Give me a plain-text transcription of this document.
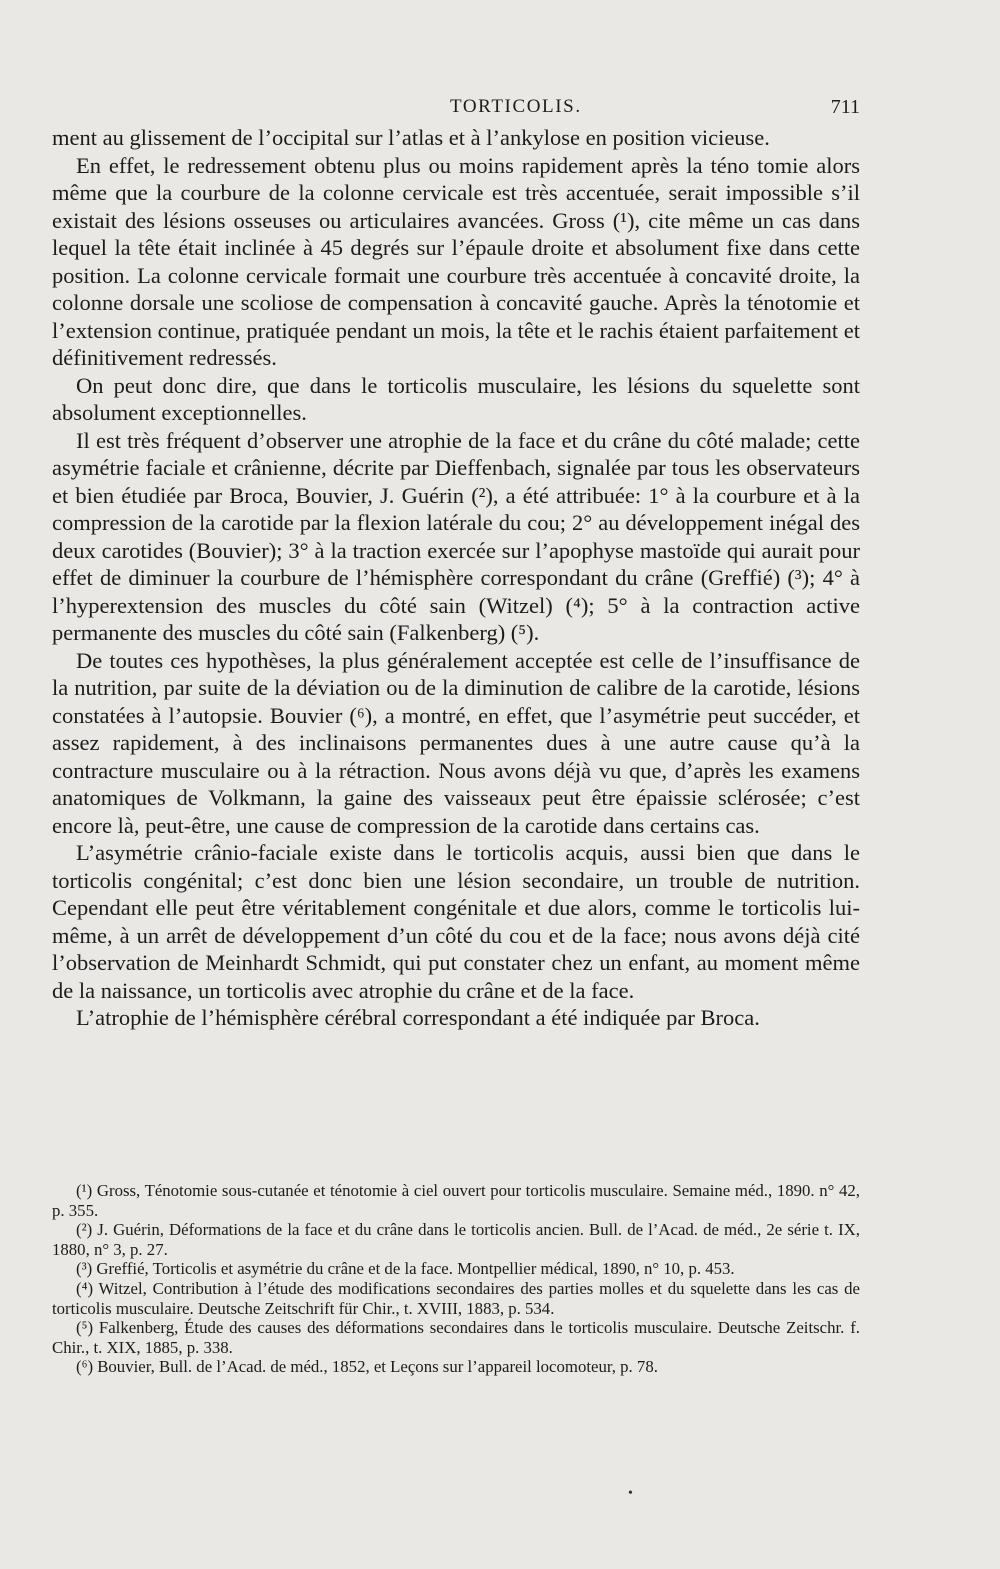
TORTICOLIS.	711

ment au glissement de l’occipital sur l’atlas et à l’ankylose en position vicieuse.

En effet, le redressement obtenu plus ou moins rapidement après la téno tomie alors même que la courbure de la colonne cervicale est très accentuée, serait impossible s’il existait des lésions osseuses ou articulaires avancées. Gross (¹), cite même un cas dans lequel la tête était inclinée à 45 degrés sur l’épaule droite et absolument fixe dans cette position. La colonne cervicale formait une courbure très accentuée à concavité droite, la colonne dorsale une scoliose de compensation à concavité gauche. Après la ténotomie et l’extension continue, pratiquée pendant un mois, la tête et le rachis étaient parfaitement et définitivement redressés.

On peut donc dire, que dans le torticolis musculaire, les lésions du squelette sont absolument exceptionnelles.

Il est très fréquent d’observer une atrophie de la face et du crâne du côté malade; cette asymétrie faciale et crânienne, décrite par Dieffenbach, signalée par tous les observateurs et bien étudiée par Broca, Bouvier, J. Guérin (²), a été attribuée: 1° à la courbure et à la compression de la carotide par la flexion latérale du cou; 2° au développement inégal des deux carotides (Bouvier); 3° à la traction exercée sur l’apophyse mastoïde qui aurait pour effet de diminuer la courbure de l’hémisphère correspondant du crâne (Greffié) (³); 4° à l’hyperextension des muscles du côté sain (Witzel) (⁴); 5° à la contraction active permanente des muscles du côté sain (Falkenberg) (⁵).

De toutes ces hypothèses, la plus généralement acceptée est celle de l’insuffisance de la nutrition, par suite de la déviation ou de la diminution de calibre de la carotide, lésions constatées à l’autopsie. Bouvier (⁶), a montré, en effet, que l’asymétrie peut succéder, et assez rapidement, à des inclinaisons permanentes dues à une autre cause qu’à la contracture musculaire ou à la rétraction. Nous avons déjà vu que, d’après les examens anatomiques de Volkmann, la gaine des vaisseaux peut être épaissie sclérosée; c’est encore là, peut-être, une cause de compression de la carotide dans certains cas.

L’asymétrie crânio-faciale existe dans le torticolis acquis, aussi bien que dans le torticolis congénital; c’est donc bien une lésion secondaire, un trouble de nutrition. Cependant elle peut être véritablement congénitale et due alors, comme le torticolis lui-même, à un arrêt de développement d’un côté du cou et de la face; nous avons déjà cité l’observation de Meinhardt Schmidt, qui put constater chez un enfant, au moment même de la naissance, un torticolis avec atrophie du crâne et de la face.

L’atrophie de l’hémisphère cérébral correspondant a été indiquée par Broca.

(¹) Gross, Ténotomie sous-cutanée et ténotomie à ciel ouvert pour torticolis musculaire. Semaine méd., 1890. n° 42, p. 355.

(²) J. Guérin, Déformations de la face et du crâne dans le torticolis ancien. Bull. de l’Acad. de méd., 2e série t. IX, 1880, n° 3, p. 27.

(³) Greffié, Torticolis et asymétrie du crâne et de la face. Montpellier médical, 1890, n° 10, p. 453.

(⁴) Witzel, Contribution à l’étude des modifications secondaires des parties molles et du squelette dans les cas de torticolis musculaire. Deutsche Zeitschrift für Chir., t. XVIII, 1883, p. 534.

(⁵) Falkenberg, Étude des causes des déformations secondaires dans le torticolis musculaire. Deutsche Zeitschr. f. Chir., t. XIX, 1885, p. 338.

(⁶) Bouvier, Bull. de l’Acad. de méd., 1852, et Leçons sur l’appareil locomoteur, p. 78.

•
